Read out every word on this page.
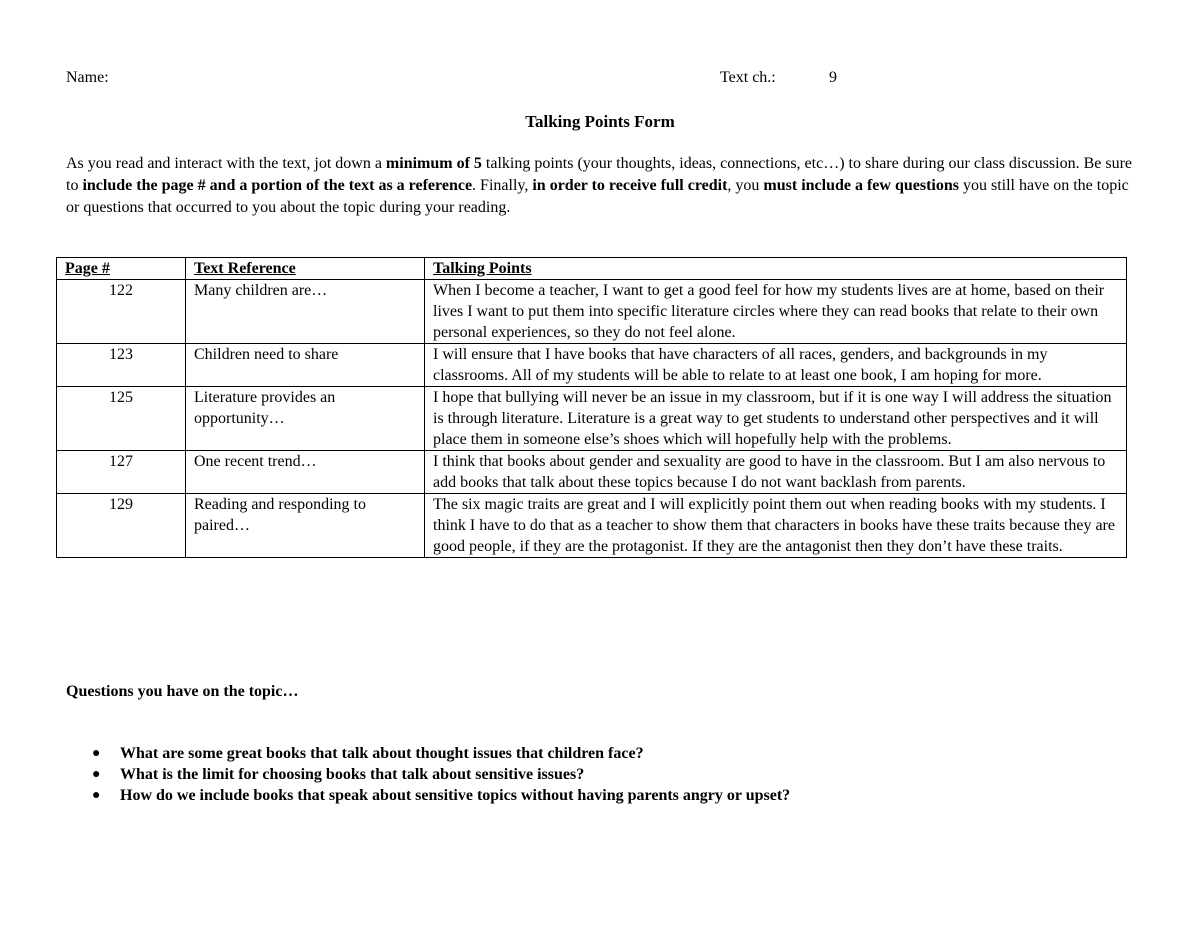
Name:	Text ch.:	9
Talking Points Form
As you read and interact with the text, jot down a minimum of 5 talking points (your thoughts, ideas, connections, etc…) to share during our class discussion. Be sure to include the page # and a portion of the text as a reference. Finally, in order to receive full credit, you must include a few questions you still have on the topic or questions that occurred to you about the topic during your reading.
Page #	Text Reference	Talking Points
122	Many children are…	When I become a teacher, I want to get a good feel for how my students lives are at home, based on their lives I want to put them into specific literature circles where they can read books that relate to their own personal experiences, so they do not feel alone.
123	Children need to share	I will ensure that I have books that have characters of all races, genders, and backgrounds in my classrooms. All of my students will be able to relate to at least one book, I am hoping for more.
125	Literature provides an opportunity…	I hope that bullying will never be an issue in my classroom, but if it is one way I will address the situation is through literature. Literature is a great way to get students to understand other perspectives and it will place them in someone else’s shoes which will hopefully help with the problems.
127	One recent trend…	I think that books about gender and sexuality are good to have in the classroom. But I am also nervous to add books that talk about these topics because I do not want backlash from parents.
129	Reading and responding to paired…	The six magic traits are great and I will explicitly point them out when reading books with my students. I think I have to do that as a teacher to show them that characters in books have these traits because they are good people, if they are the protagonist. If they are the antagonist then they don’t have these traits.
Questions you have on the topic…
● What are some great books that talk about thought issues that children face?
● What is the limit for choosing books that talk about sensitive issues?
● How do we include books that speak about sensitive topics without having parents angry or upset?
